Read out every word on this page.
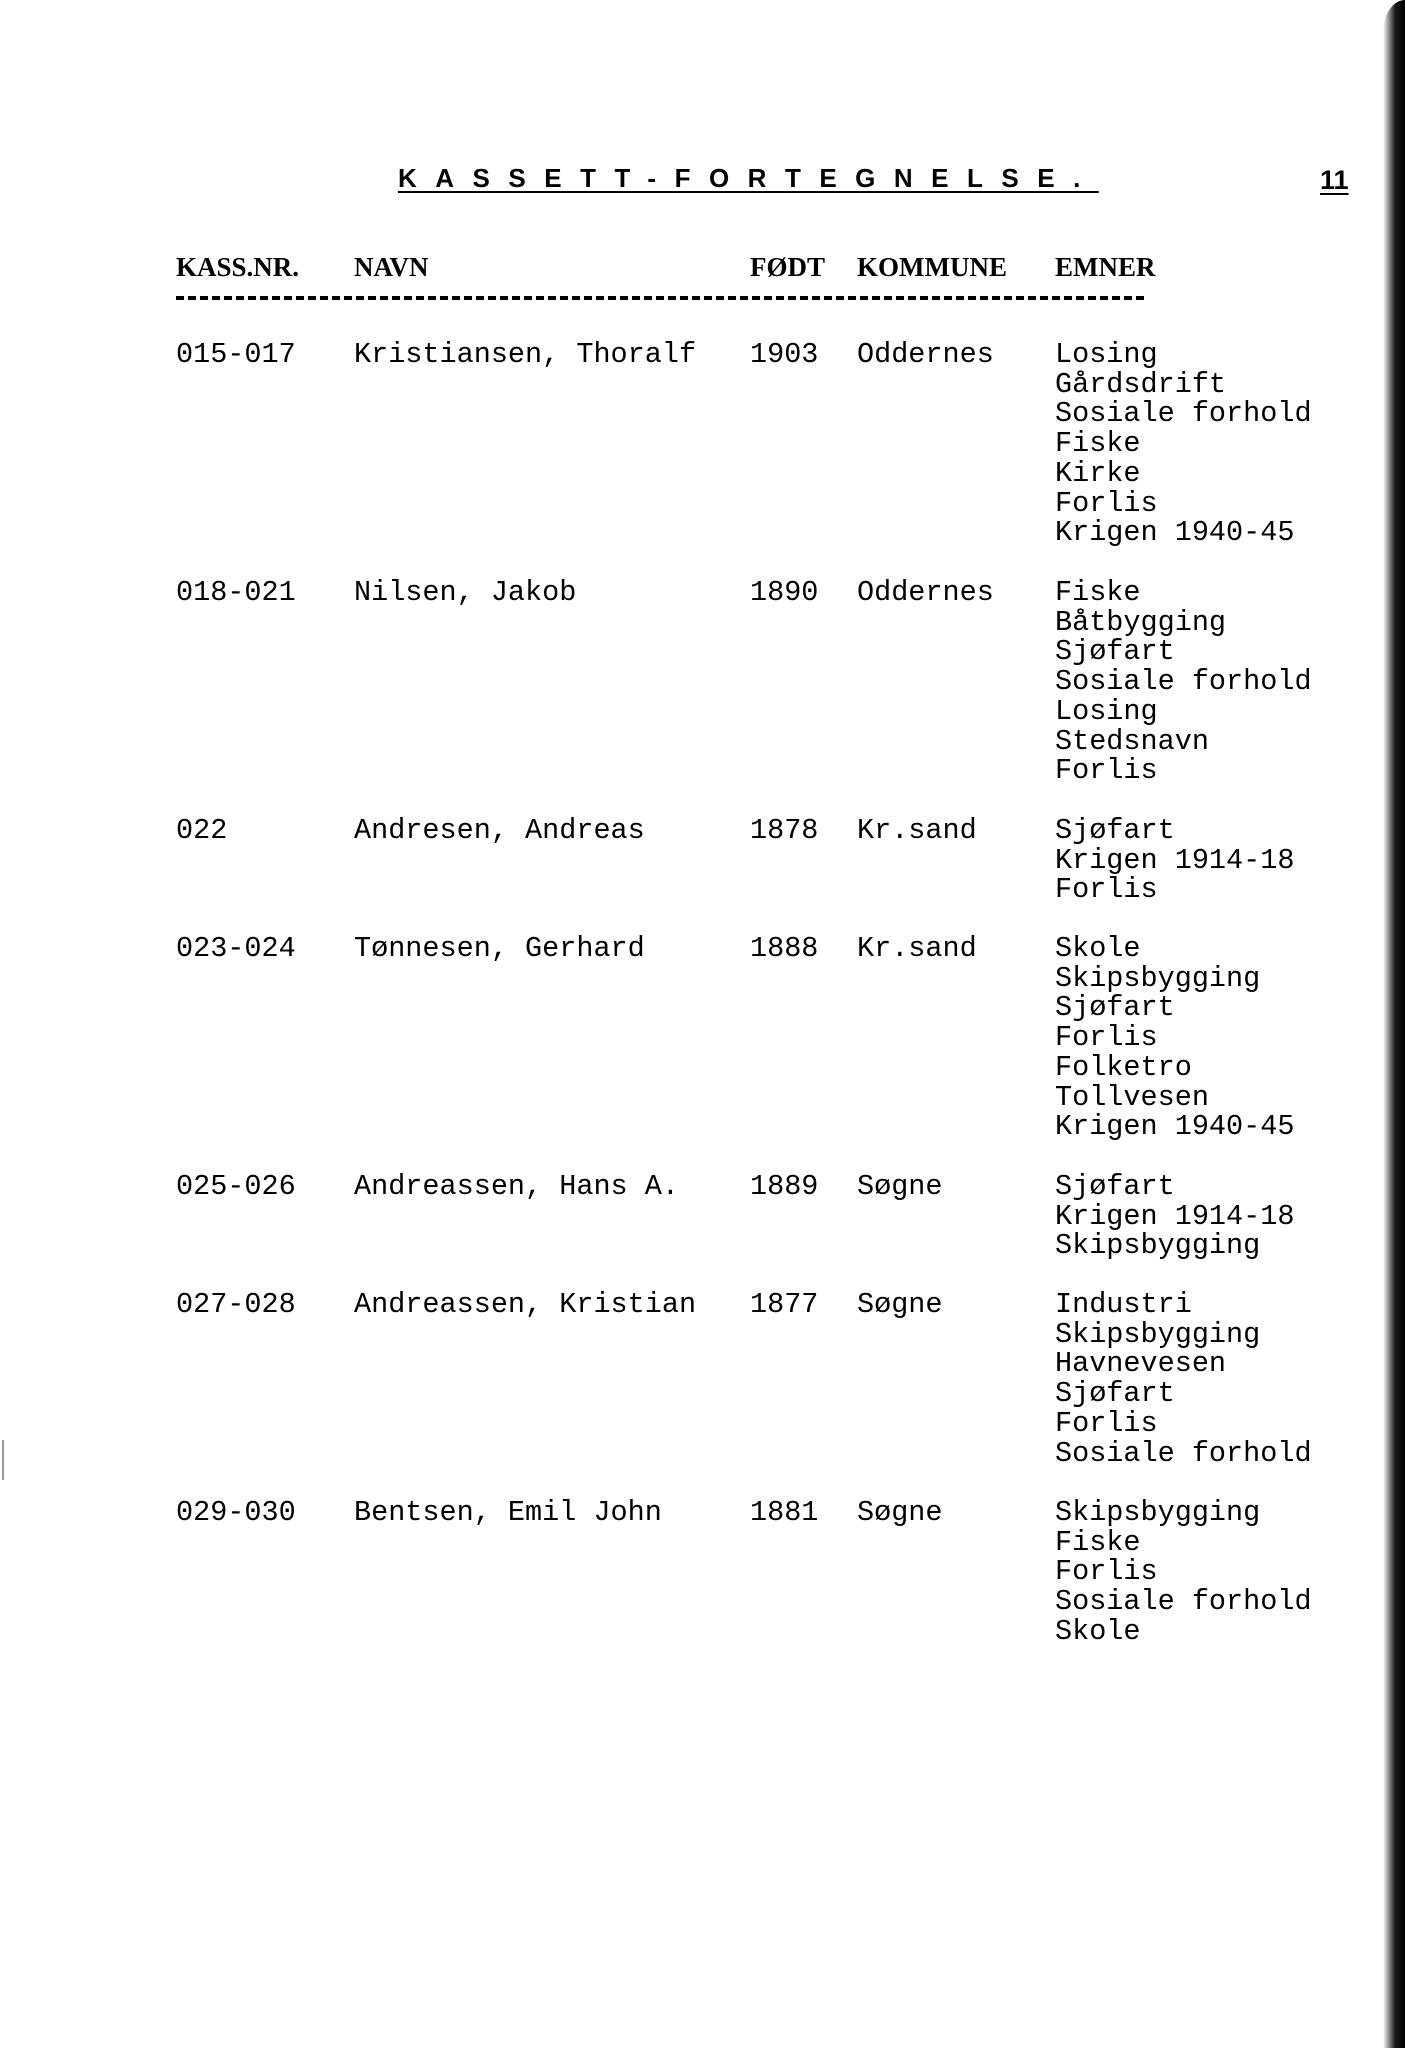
KASSETT-FORTEGNELSE.	11
KASS.NR. NAVN	FØDT KOMMUNE EMNER
015-017 Kristiansen, Thoralf 1903 Oddernes Losing
Gårdsdrift
Sosiale forhold
Fiske
Kirke
Forlis
Krigen 1940-45
018-021 Nilsen, Jakob	1890 Oddernes Fiske
Båtbygging
Sjøfart
Sosiale forhold
Losing
Stedsnavn
Forlis
022	Andresen, Andreas	1878 Kr.sand	Sjøfart
Krigen 1914-18
Forlis
023-024 Tønnesen, Gerhard	1888 Kr.sand	Skole
Skipsbygging
Sjøfart
Forlis
Folketro
Tollvesen
Krigen 1940-45
025-026 Andreassen, Hans A. 1889 Søgne	Sjøfart
Krigen 1914-18
Skipsbygging
027-028 Andreassen, Kristian 1877 Søgne	Industri
Skipsbygging
Havnevesen
Sjøfart
Forlis
Sosiale forhold
029-030 Bentsen, Emil John	1881 Søgne	Skipsbygging
Fiske
Forlis
Sosiale forhold
Skole
